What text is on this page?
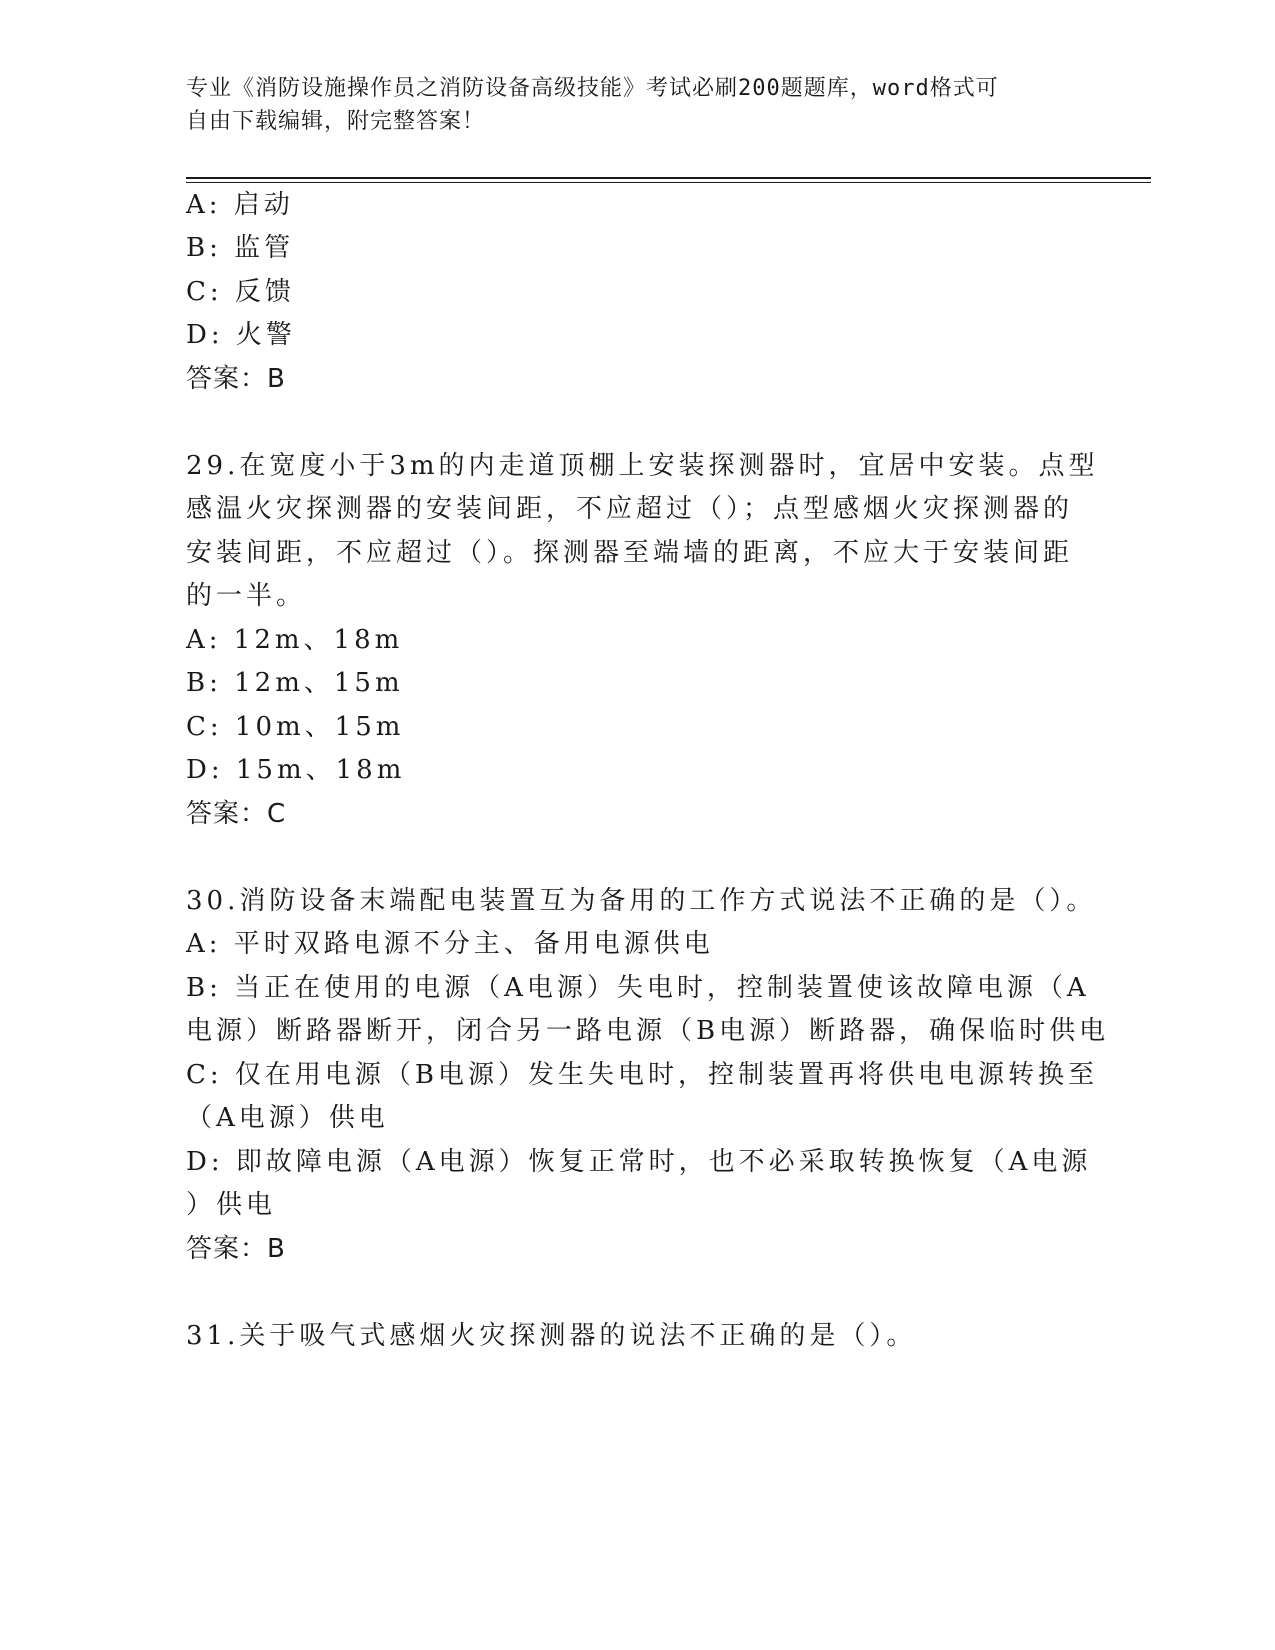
专业《消防设施操作员之消防设备高级技能》考试必刷200题题库，word格式可
自由下载编辑，附完整答案！
A: 启动
B: 监管
C: 反馈
D: 火警
答案：B
29.在宽度小于3m的内走道顶棚上安装探测器时，宜居中安装。点型
感温火灾探测器的安装间距，不应超过（）；点型感烟火灾探测器的
安装间距，不应超过（）。探测器至端墙的距离，不应大于安装间距
的一半。
A: 12m、18m
B: 12m、15m
C: 10m、15m
D: 15m、18m
答案：C
30.消防设备末端配电装置互为备用的工作方式说法不正确的是（）。
A: 平时双路电源不分主、备用电源供电
B: 当正在使用的电源（A电源）失电时，控制装置使该故障电源（A
电源）断路器断开，闭合另一路电源（B电源）断路器，确保临时供电
C: 仅在用电源（B电源）发生失电时，控制装置再将供电电源转换至
（A电源）供电
D: 即故障电源（A电源）恢复正常时，也不必采取转换恢复（A电源
）供电
答案：B
31.关于吸气式感烟火灾探测器的说法不正确的是（）。
